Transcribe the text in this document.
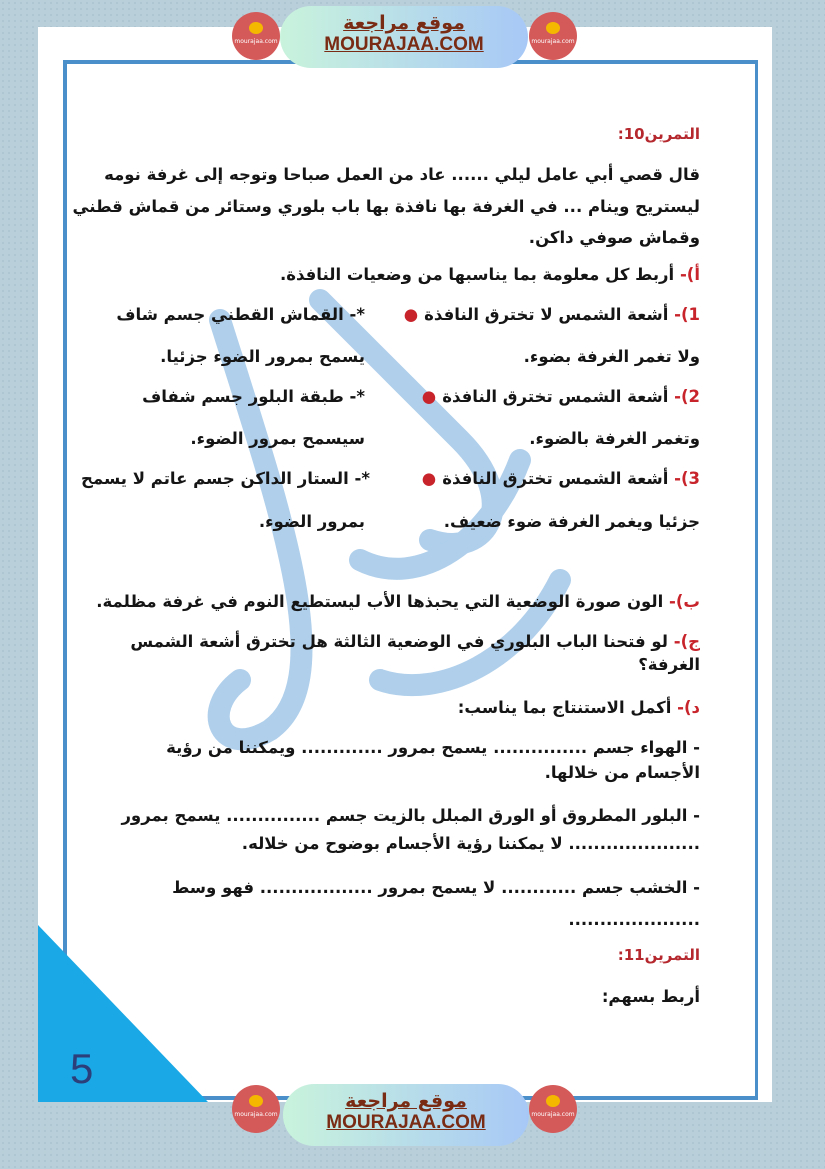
5
موقع مراجعة
MOURAJAA.COM
mourajaa.com	mourajaa.com
موقع مراجعة
MOURAJAA.COM
mourajaa.com	mourajaa.com
التمرين10:
قال قصي أبي عامل ليلي ...... عاد من العمل صباحا وتوجه إلى غرفة نومه
ليستريح وينام ... في الغرفة بها نافذة بها باب بلوري وستائر من قماش قطني
وقماش صوفي داكن.
أ)- أربط كل معلومة بما يناسبها من وضعيات النافذة.
1)- أشعة الشمس لا تخترق النافذة●
*- القماش القطني جسم شاف
ولا تغمر الغرفة بضوء.
يسمح بمرور الضوء جزئيا.
2)- أشعة الشمس تخترق النافذة●
*- طبقة البلور جسم شفاف
وتغمر الغرفة بالضوء.
سيسمح بمرور الضوء.
3)- أشعة الشمس تخترق النافذة●
*- الستار الداكن جسم عاتم لا يسمح
جزئيا ويغمر الغرفة ضوء ضعيف.
بمرور الضوء.
ب)- الون صورة الوضعية التي يحبذها الأب ليستطيع النوم في غرفة مظلمة.
ج)- لو فتحنا الباب البلوري في الوضعية الثالثة هل تخترق أشعة الشمس
الغرفة؟
د)- أكمل الاستنتاج بما يناسب:
- الهواء جسم ............... يسمح بمرور ............. ويمكننا من رؤية
الأجسام من خلالها.
- البلور المطروق أو الورق المبلل بالزيت جسم ............... يسمح بمرور
..................... لا يمكننا رؤية الأجسام بوضوح من خلاله.
- الخشب جسم ............ لا يسمح بمرور .................. فهو وسط
.....................
التمرين11:
أربط بسهم:
